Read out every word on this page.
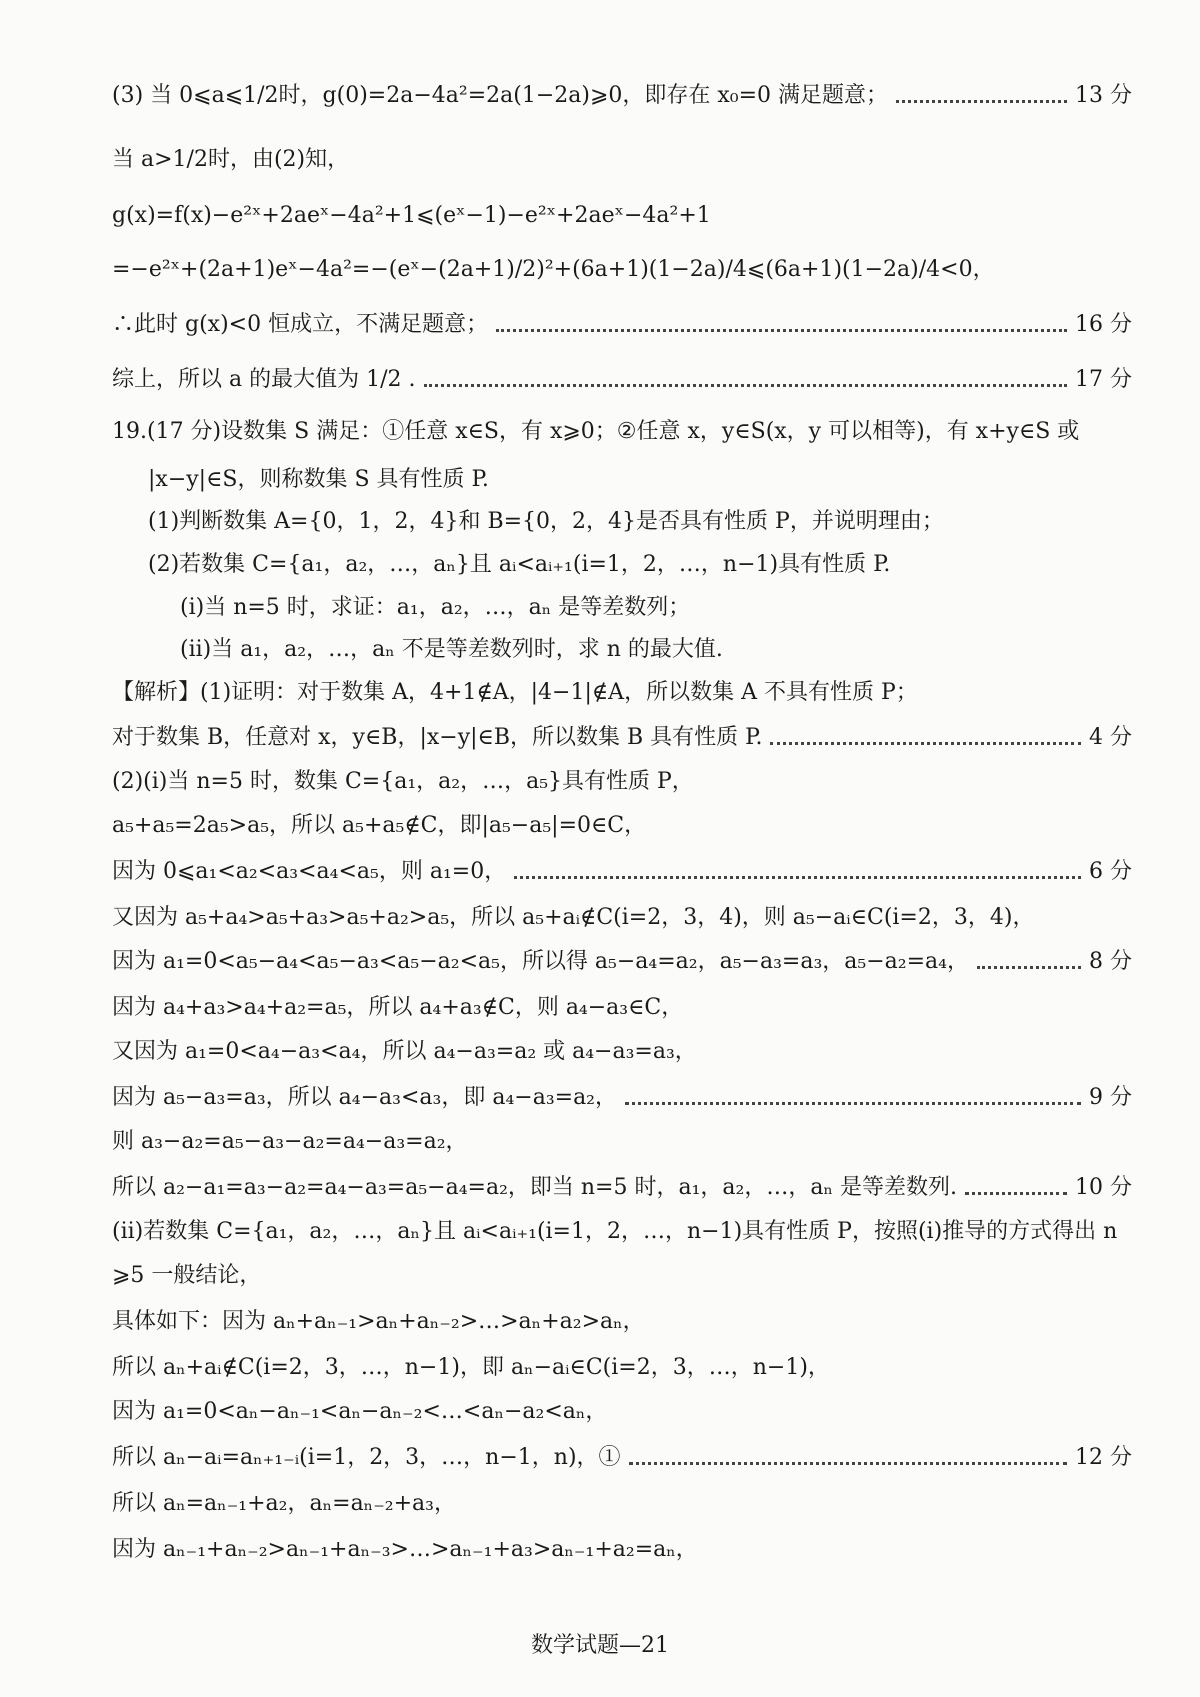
(3) 当 0⩽a⩽1/2时，g(0)=2a−4a²=2a(1−2a)⩾0，即存在 x₀=0 满足题意；	13 分
当 a>1/2时，由(2)知，
g(x)=f(x)−e²ˣ+2aeˣ−4a²+1⩽(eˣ−1)−e²ˣ+2aeˣ−4a²+1
=−e²ˣ+(2a+1)eˣ−4a²=−(eˣ−(2a+1)/2)²+(6a+1)(1−2a)/4⩽(6a+1)(1−2a)/4<0，
∴此时 g(x)<0 恒成立，不满足题意；	16 分
综上，所以 a 的最大值为 1/2 .	17 分
19.(17 分)设数集 S 满足：①任意 x∈S，有 x⩾0；②任意 x，y∈S(x，y 可以相等)，有 x+y∈S 或
|x−y|∈S，则称数集 S 具有性质 P.
(1)判断数集 A={0，1，2，4}和 B={0，2，4}是否具有性质 P，并说明理由；
(2)若数集 C={a₁，a₂，…，aₙ}且 aᵢ<aᵢ₊₁(i=1，2，…，n−1)具有性质 P.
(i)当 n=5 时，求证：a₁，a₂，…，aₙ 是等差数列；
(ii)当 a₁，a₂，…，aₙ 不是等差数列时，求 n 的最大值.
【解析】(1)证明：对于数集 A，4+1∉A，|4−1|∉A，所以数集 A 不具有性质 P；
对于数集 B，任意对 x，y∈B，|x−y|∈B，所以数集 B 具有性质 P.	4 分
(2)(i)当 n=5 时，数集 C={a₁，a₂，…，a₅}具有性质 P，
a₅+a₅=2a₅>a₅，所以 a₅+a₅∉C，即|a₅−a₅|=0∈C，
因为 0⩽a₁<a₂<a₃<a₄<a₅，则 a₁=0，	6 分
又因为 a₅+a₄>a₅+a₃>a₅+a₂>a₅，所以 a₅+aᵢ∉C(i=2，3，4)，则 a₅−aᵢ∈C(i=2，3，4)，
因为 a₁=0<a₅−a₄<a₅−a₃<a₅−a₂<a₅，所以得 a₅−a₄=a₂，a₅−a₃=a₃，a₅−a₂=a₄，	8 分
因为 a₄+a₃>a₄+a₂=a₅，所以 a₄+a₃∉C，则 a₄−a₃∈C，
又因为 a₁=0<a₄−a₃<a₄，所以 a₄−a₃=a₂ 或 a₄−a₃=a₃，
因为 a₅−a₃=a₃，所以 a₄−a₃<a₃，即 a₄−a₃=a₂，	9 分
则 a₃−a₂=a₅−a₃−a₂=a₄−a₃=a₂，
所以 a₂−a₁=a₃−a₂=a₄−a₃=a₅−a₄=a₂，即当 n=5 时，a₁，a₂，…，aₙ 是等差数列.	10 分
(ii)若数集 C={a₁，a₂，…，aₙ}且 aᵢ<aᵢ₊₁(i=1，2，…，n−1)具有性质 P，按照(i)推导的方式得出 n
⩾5 一般结论，
具体如下：因为 aₙ+aₙ₋₁>aₙ+aₙ₋₂>…>aₙ+a₂>aₙ，
所以 aₙ+aᵢ∉C(i=2，3，…，n−1)，即 aₙ−aᵢ∈C(i=2，3，…，n−1)，
因为 a₁=0<aₙ−aₙ₋₁<aₙ−aₙ₋₂<…<aₙ−a₂<aₙ，
所以 aₙ−aᵢ=aₙ₊₁₋ᵢ(i=1，2，3，…，n−1，n)，①	12 分
所以 aₙ=aₙ₋₁+a₂，aₙ=aₙ₋₂+a₃，
因为 aₙ₋₁+aₙ₋₂>aₙ₋₁+aₙ₋₃>…>aₙ₋₁+a₃>aₙ₋₁+a₂=aₙ，
数学试题—21
